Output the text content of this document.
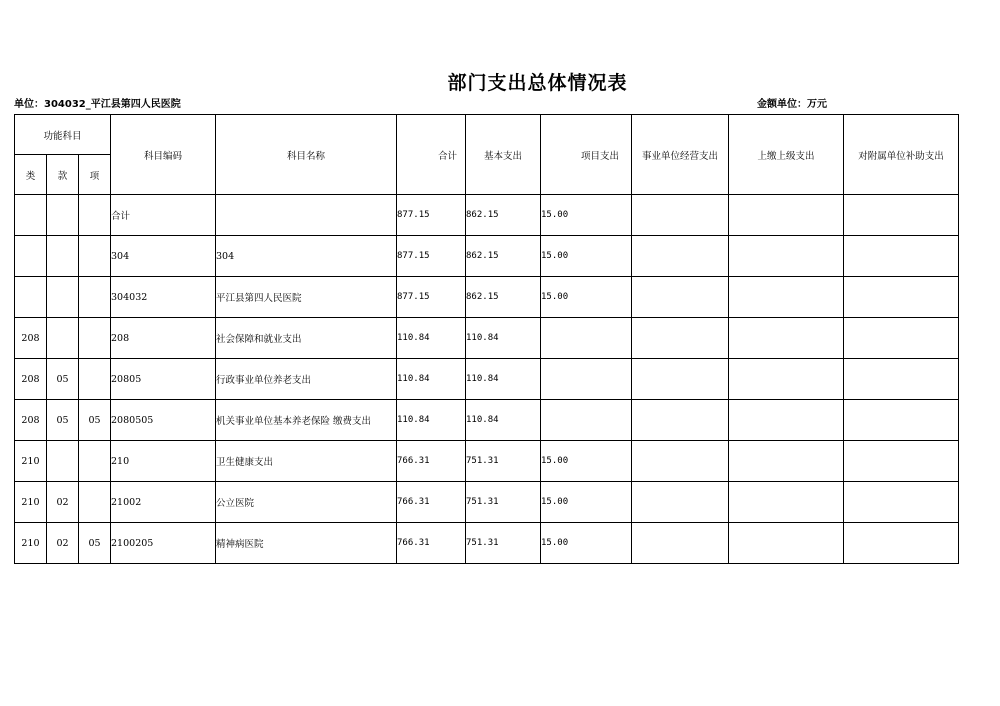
部门支出总体情况表
单位：304032_平江县第四人民医院	金额单位：万元
功能科目			科目编码	科目名称	合计	基本支出	项目支出	事业单位经营支出	上缴上级支出	对附属单位补助支出
类	款	项								
			合计		877.15	862.15	15.00			
			304	304	877.15	862.15	15.00			
			304032	平江县第四人民医院	877.15	862.15	15.00			
208			208	社会保障和就业支出	110.84	110.84				
208	05		20805	行政事业单位养老支出	110.84	110.84				
208	05	05	2080505	机关事业单位基本养老保险 缴费支出	110.84	110.84				
210			210	卫生健康支出	766.31	751.31	15.00			
210	02		21002	公立医院	766.31	751.31	15.00			
210	02	05	2100205	精神病医院	766.31	751.31	15.00			
